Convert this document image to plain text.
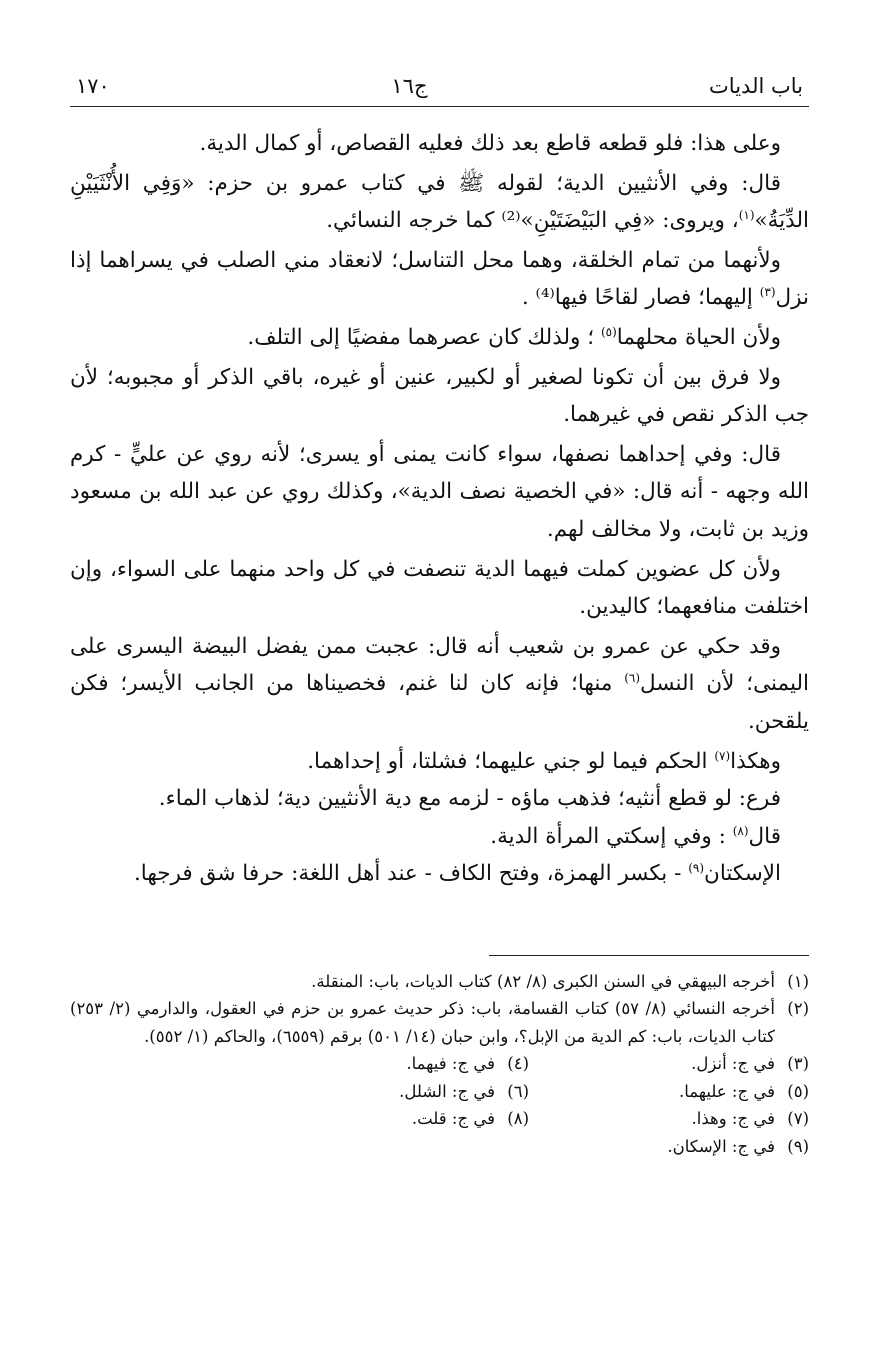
باب الديات
ج١٦
١٧٠

وعلى هذا: فلو قطعه قاطع بعد ذلك فعليه القصاص، أو كمال الدية.

قال: وفي الأنثيين الدية؛ لقوله ﷺ في كتاب عمرو بن حزم: «وَفِي الأُنْثَيَيْنِ الدِّيَةُ»$^{(١)}$، ويروى: «فِي البَيْضَتَيْنِ»⁽²⁾ كما خرجه النسائي.

ولأنهما من تمام الخلقة، وهما محل التناسل؛ لانعقاد مني الصلب في يسراهما إذا نزل$^{(٣)}$ إليهما؛ فصار لقاحًا فيها⁽⁴⁾ .

ولأن الحياة محلهما$^{(٥)}$ ؛ ولذلك كان عصرهما مفضيًا إلى التلف.

ولا فرق بين أن تكونا لصغير أو لكبير، عنين أو غيره، باقي الذكر أو مجبوبه؛ لأن جب الذكر نقص في غيرهما.

قال: وفي إحداهما نصفها، سواء كانت يمنى أو يسرى؛ لأنه روي عن عليٍّ - كرم الله وجهه - أنه قال: «في الخصية نصف الدية»، وكذلك روي عن عبد الله بن مسعود وزيد بن ثابت، ولا مخالف لهم.

ولأن كل عضوين كملت فيهما الدية تنصفت في كل واحد منهما على السواء، وإن اختلفت منافعهما؛ كاليدين.

وقد حكي عن عمرو بن شعيب أنه قال: عجبت ممن يفضل البيضة اليسرى على اليمنى؛ لأن النسل$^{(٦)}$ منها؛ فإنه كان لنا غنم، فخصيناها من الجانب الأيسر؛ فكن يلقحن.

وهكذا$^{(٧)}$ الحكم فيما لو جني عليهما؛ فشلتا، أو إحداهما.

فرع: لو قطع أنثيه؛ فذهب ماؤه - لزمه مع دية الأنثيين دية؛ لذهاب الماء.

قال$^{(٨)}$ : وفي إسكتي المرأة الدية.

الإسكتان$^{(٩)}$ - بكسر الهمزة، وفتح الكاف - عند أهل اللغة: حرفا شق فرجها.

(١)
أخرجه البيهقي في السنن الكبرى (٨/ ٨٢) كتاب الديات، باب: المنقلة.
(٢)
أخرجه النسائي (٨/ ٥٧) كتاب القسامة، باب: ذكر حديث عمرو بن حزم في العقول، والدارمي (٢/ ٢٥٣) كتاب الديات، باب: كم الدية من الإبل؟، وابن حبان (١٤/ ٥٠١) برقم (٦٥٥٩)، والحاكم (١/ ٥٥٢).
(٣)
في ج: أنزل.
(٤)
في ج: فيهما.
(٥)
في ج: عليهما.
(٦)
في ج: الشلل.
(٧)
في ج: وهذا.
(٨)
في ج: قلت.
(٩)
في ج: الإسكان.
